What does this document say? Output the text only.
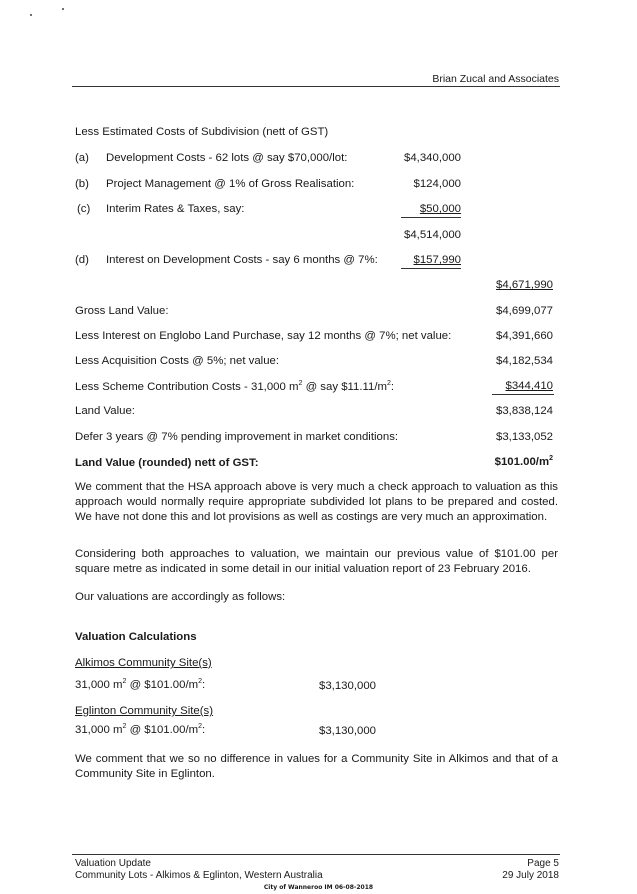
Brian Zucal and Associates
Less Estimated Costs of Subdivision (nett of GST)
(a) Development Costs - 62 lots @ say $70,000/lot:	$4,340,000
(b) Project Management @ 1% of Gross Realisation:	$124,000
(c) Interim Rates & Taxes, say:	$50,000
$4,514,000
(d) Interest on Development Costs - say 6 months @ 7%:	$157,990
$4,671,990
Gross Land Value:	$4,699,077
Less Interest on Englobo Land Purchase, say 12 months @ 7%; net value:	$4,391,660
Less Acquisition Costs @ 5%; net value:	$4,182,534
Less Scheme Contribution Costs - 31,000 $m^2$ @ say $\$11.11/m^2$:	$344,410
Land Value:	$3,838,124
Defer 3 years @ 7% pending improvement in market conditions:	$3,133,052
Land Value (rounded) nett of GST:	$\$101.00/m^2$
We comment that the HSA approach above is very much a check approach to valuation as this approach would normally require appropriate subdivided lot plans to be prepared and costed. We have not done this and lot provisions as well as costings are very much an approximation.
Considering both approaches to valuation, we maintain our previous value of $101.00 per square metre as indicated in some detail in our initial valuation report of 23 February 2016.
Our valuations are accordingly as follows:
Valuation Calculations
Alkimos Community Site(s)
31,000 $m^2$ @ $\$101.00/m^2$:	$3,130,000
Eglinton Community Site(s)
31,000 $m^2$ @ $\$101.00/m^2$:	$3,130,000
We comment that we so no difference in values for a Community Site in Alkimos and that of a Community Site in Eglinton.
Valuation Update
Community Lots - Alkimos & Eglinton, Western Australia
Page 5
29 July 2018
City of Wanneroo IM 06-08-2018
